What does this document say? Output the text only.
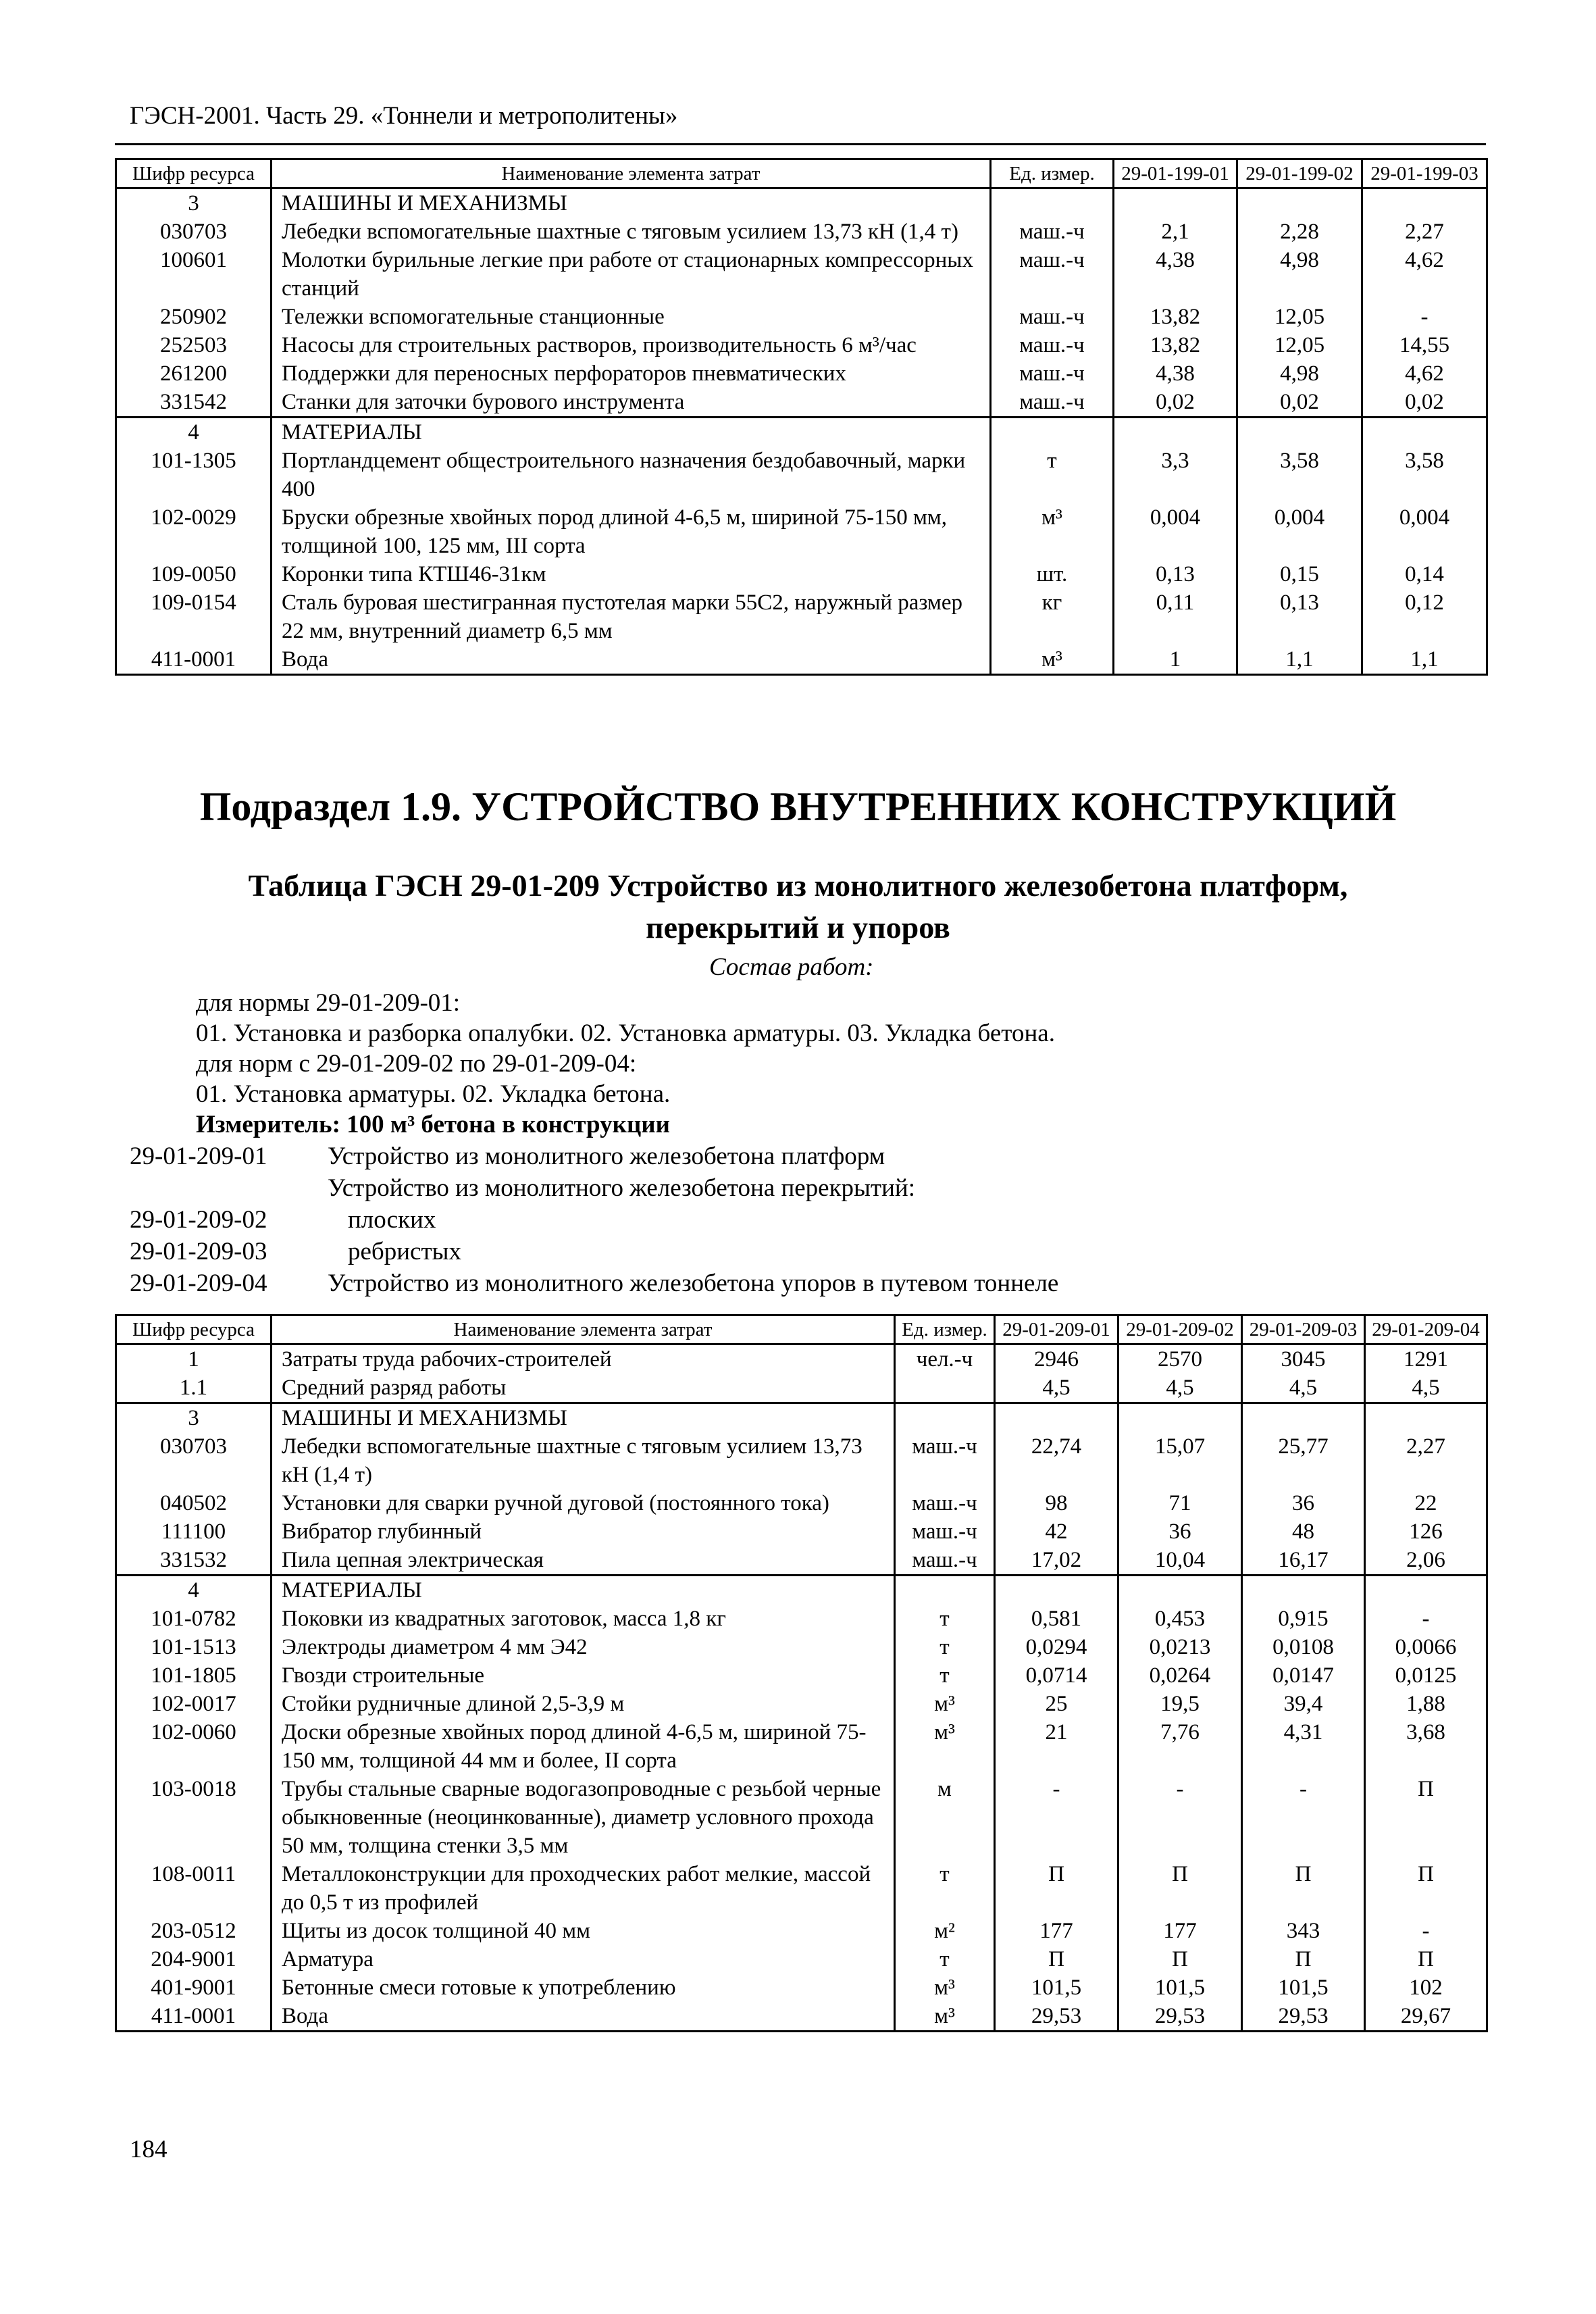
ГЭСН-2001. Часть 29. «Тоннели и метрополитены»
Шифр ресурса	Наименование элемента затрат	Ед. измер.	29-01-199-01	29-01-199-02	29-01-199-03
3	МАШИНЫ И МЕХАНИЗМЫ				
030703	Лебедки вспомогательные шахтные с тяговым усилием 13,73 кН (1,4 т)	маш.-ч	2,1	2,28	2,27
100601	Молотки бурильные легкие при работе от стационарных компрессорных станций	маш.-ч	4,38	4,98	4,62
250902	Тележки вспомогательные станционные	маш.-ч	13,82	12,05	-
252503	Насосы для строительных растворов, производительность 6 м³/час	маш.-ч	13,82	12,05	14,55
261200	Поддержки для переносных перфораторов пневматических	маш.-ч	4,38	4,98	4,62
331542	Станки для заточки бурового инструмента	маш.-ч	0,02	0,02	0,02
4	МАТЕРИАЛЫ				
101-1305	Портландцемент общестроительного назначения бездобавочный, марки 400	т	3,3	3,58	3,58
102-0029	Бруски обрезные хвойных пород длиной 4-6,5 м, шириной 75-150 мм, толщиной 100, 125 мм, III сорта	м³	0,004	0,004	0,004
109-0050	Коронки типа КТШ46-31км	шт.	0,13	0,15	0,14
109-0154	Сталь буровая шестигранная пустотелая марки 55С2, наружный размер 22 мм, внутренний диаметр 6,5 мм	кг	0,11	0,13	0,12
411-0001	Вода	м³	1	1,1	1,1
Подраздел 1.9. УСТРОЙСТВО ВНУТРЕННИХ КОНСТРУКЦИЙ
Таблица ГЭСН 29-01-209 Устройство из монолитного железобетона платформ,
перекрытий и упоров
Состав работ:
для нормы 29-01-209-01:
01. Установка и разборка опалубки. 02. Установка арматуры. 03. Укладка бетона.
для норм с 29-01-209-02 по 29-01-209-04:
01. Установка арматуры. 02. Укладка бетона.
Измеритель: 100 м³ бетона в конструкции
29-01-209-01 Устройство из монолитного железобетона платформ
Устройство из монолитного железобетона перекрытий:
29-01-209-02	плоских
29-01-209-03	ребристых
29-01-209-04 Устройство из монолитного железобетона упоров в путевом тоннеле
Шифр ресурса	Наименование элемента затрат	Ед. измер.	29-01-209-01	29-01-209-02	29-01-209-03	29-01-209-04
1	Затраты труда рабочих-строителей	чел.-ч	2946	2570	3045	1291
1.1	Средний разряд работы		4,5	4,5	4,5	4,5
3	МАШИНЫ И МЕХАНИЗМЫ					
030703	Лебедки вспомогательные шахтные с тяговым усилием 13,73 кН (1,4 т)	маш.-ч	22,74	15,07	25,77	2,27
040502	Установки для сварки ручной дуговой (постоянного тока)	маш.-ч	98	71	36	22
111100	Вибратор глубинный	маш.-ч	42	36	48	126
331532	Пила цепная электрическая	маш.-ч	17,02	10,04	16,17	2,06
4	МАТЕРИАЛЫ					
101-0782	Поковки из квадратных заготовок, масса 1,8 кг	т	0,581	0,453	0,915	-
101-1513	Электроды диаметром 4 мм Э42	т	0,0294	0,0213	0,0108	0,0066
101-1805	Гвозди строительные	т	0,0714	0,0264	0,0147	0,0125
102-0017	Стойки рудничные длиной 2,5-3,9 м	м³	25	19,5	39,4	1,88
102-0060	Доски обрезные хвойных пород длиной 4-6,5 м, шириной 75-150 мм, толщиной 44 мм и более, II сорта	м³	21	7,76	4,31	3,68
103-0018	Трубы стальные сварные водогазопроводные с резьбой черные обыкновенные (неоцинкованные), диаметр условного прохода 50 мм, толщина стенки 3,5 мм	м	-	-	-	П
108-0011	Металлоконструкции для проходческих работ мелкие, массой до 0,5 т из профилей	т	П	П	П	П
203-0512	Щиты из досок толщиной 40 мм	м²	177	177	343	-
204-9001	Арматура	т	П	П	П	П
401-9001	Бетонные смеси готовые к употреблению	м³	101,5	101,5	101,5	102
411-0001	Вода	м³	29,53	29,53	29,53	29,67
184
